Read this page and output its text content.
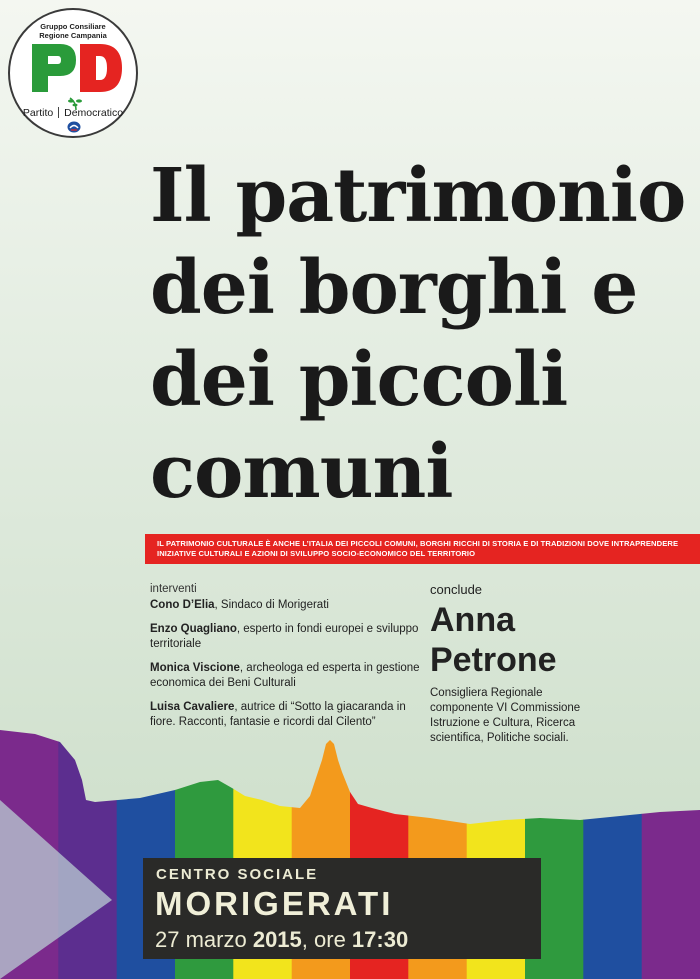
Gruppo Consiliare
Regione Campania
Partito Democratico
Il patrimonio
dei borghi e
dei piccoli
comuni
IL PATRIMONIO CULTURALE È ANCHE L’ITALIA DEI PICCOLI COMUNI, BORGHI RICCHI DI STORIA E DI TRADIZIONI DOVE INTRAPRENDERE INIZIATIVE CULTURALI E AZIONI DI SVILUPPO SOCIO-ECONOMICO DEL TERRITORIO
interventi
Cono D’Elia, Sindaco di Morigerati
Enzo Quagliano, esperto in fondi europei e sviluppo territoriale
Monica Viscione, archeologa ed esperta in gestione economica dei Beni Culturali
Luisa Cavaliere, autrice di “Sotto la giacaranda in fiore. Racconti, fantasie e ricordi dal Cilento”
conclude
Anna
Petrone
Consigliera Regionale componente VI Commissione Istruzione e Cultura, Ricerca scientifica, Politiche sociali.
CENTRO SOCIALE
MORIGERATI
27 marzo 2015, ore 17:30
